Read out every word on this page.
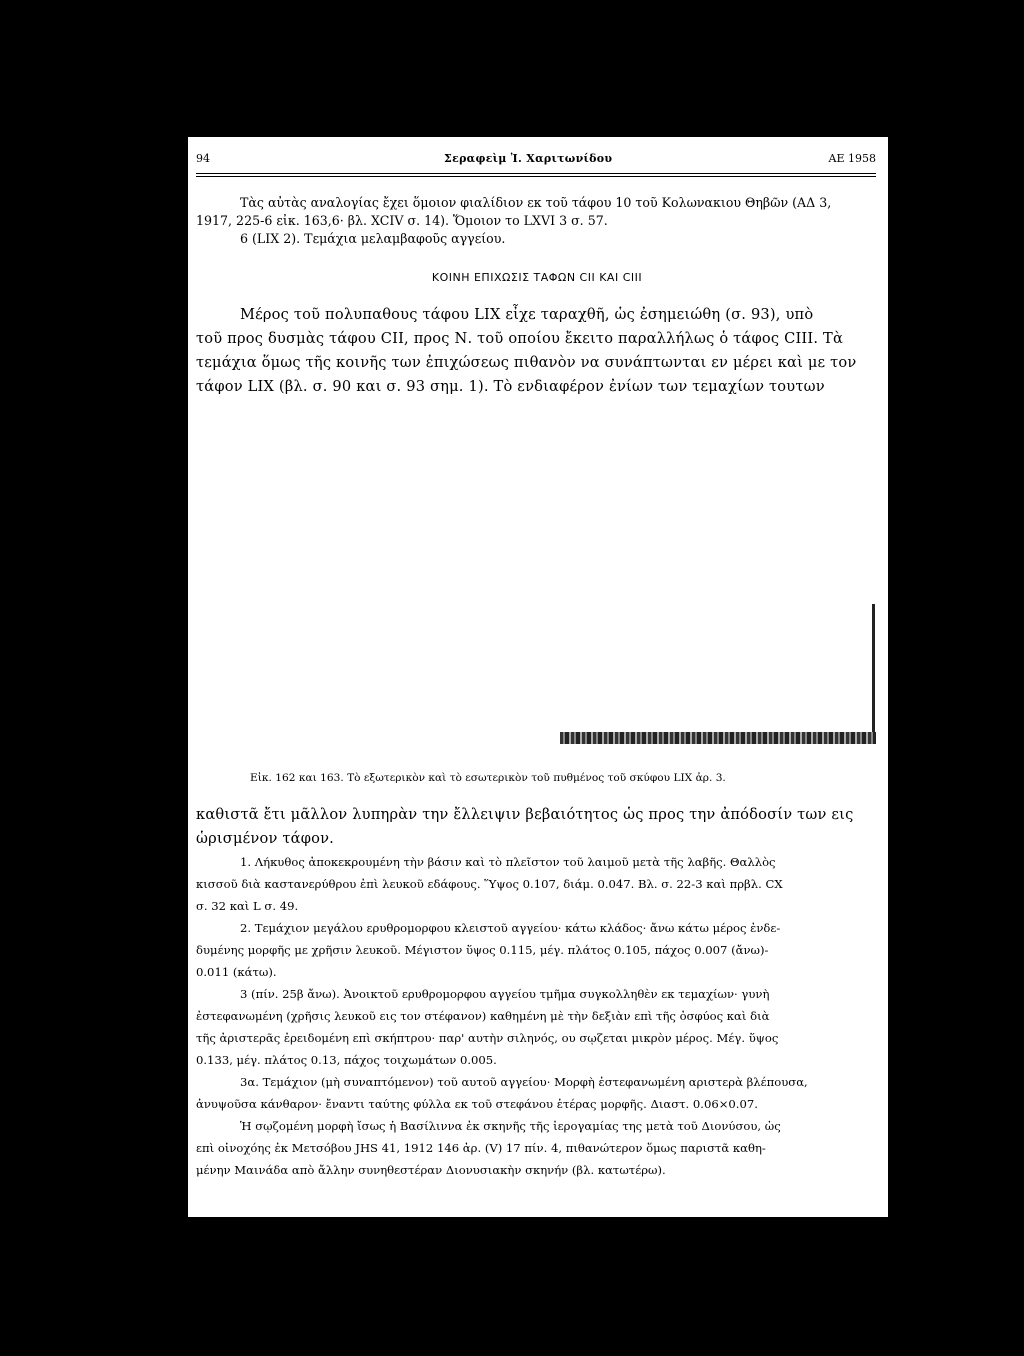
94	Σεραφεὶμ Ἰ. Χαριτωνίδου	ΑΕ 1958
Τὰς αὐτὰς αναλογίας ἔχει ὅμοιον φιαλίδιον εκ τοῦ τάφου 10 τοῦ Κολωνακιου Θηβῶν (ΑΔ 3,
1917, 225-6 εἰκ. 163,6· βλ. XCIV σ. 14). Ὅμοιον το LXVI 3 σ. 57.
6 (LIX 2). Τεμάχια μελαμβαφοῦς αγγείου.
ΚΟΙΝΗ ΕΠΙΧΩΣΙΣ ΤΑΦΩΝ CII ΚΑΙ CIII
Μέρος τοῦ πολυπαθους τάφου LIX εἶχε ταραχθῆ, ὡς ἐσημειώθη (σ. 93), υπὸ
τοῦ προς δυσμὰς τάφου CII, προς Ν. τοῦ οποίου ἔκειτο παραλλήλως ὁ τάφος CIII. Τὰ
τεμάχια ὅμως τῆς κοινῆς των ἐπιχώσεως πιθανὸν να συνάπτωνται εν μέρει καὶ με τον
τάφον LIX (βλ. σ. 90 και σ. 93 σημ. 1). Τὸ ενδιαφέρον ἐνίων των τεμαχίων τουτων
Εἰκ. 162 και 163. Τὸ εξωτερικὸν καὶ τὸ εσωτερικὸν τοῦ πυθμένος τοῦ σκύφου LIX ἀρ. 3.
καθιστᾶ ἔτι μᾶλλον λυπηρὰν την ἔλλειψιν βεβαιότητος ὡς προς την ἀπόδοσίν των εις
ὡρισμένον τάφον.
1. Λήκυθος ἀποκεκρουμένη τὴν βάσιν καὶ τὸ πλεῖστον τοῦ λαιμοῦ μετὰ τῆς λαβῆς. Θαλλὸς
κισσοῦ διὰ καστανερύθρου ἐπὶ λευκοῦ εδάφους. Ὕψος 0.107, διάμ. 0.047. Βλ. σ. 22-3 καὶ πρβλ. CX
σ. 32 καὶ L σ. 49.
2. Τεμάχιον μεγάλου ερυθρομορφου κλειστοῦ αγγείου· κάτω κλάδος· ἄνω κάτω μέρος ἐνδε-
δυμένης μορφῆς με χρῆσιν λευκοῦ. Μέγιστον ὕψος 0.115, μέγ. πλάτος 0.105, πάχος 0.007 (ἄνω)-
0.011 (κάτω).
3 (πίν. 25β ἄνω). Ἀνοικτοῦ ερυθρομορφου αγγείου τμῆμα συγκολληθὲν εκ τεμαχίων· γυνὴ
ἐστεφανωμένη (χρῆσις λευκοῦ εις τον στέφανον) καθημένη μὲ τὴν δεξιὰν επὶ τῆς ὀσφύος καὶ διὰ
τῆς ἀριστερᾶς ἐρειδομένη επὶ σκήπτρου· παρ' αυτὴν σιληνός, ου σῳζεται μικρὸν μέρος. Μέγ. ὕψος
0.133, μέγ. πλάτος 0.13, πάχος τοιχωμάτων 0.005.
3α. Τεμάχιον (μὴ συναπτόμενον) τοῦ αυτοῦ αγγείου· Μορφὴ ἐστεφανωμένη αριστερὰ βλέπουσα,
ἀνυψοῦσα κάνθαρον· ἔναντι ταύτης φύλλα εκ τοῦ στεφάνου ἑτέρας μορφῆς. Διαστ. 0.06×0.07.
Ἡ σῳζομένη μορφὴ ἴσως ἡ Βασίλιννα ἐκ σκηνῆς τῆς ἱερογαμίας της μετὰ τοῦ Διονύσου, ὡς
επὶ οἰνοχόης ἐκ Μετσόβου JHS 41, 1912 146 ἀρ. (V) 17 πίν. 4, πιθανώτερον ὅμως παριστᾶ καθη-
μένην Μαινάδα απὸ ἄλλην συνηθεστέραν Διονυσιακὴν σκηνήν (βλ. κατωτέρω).
